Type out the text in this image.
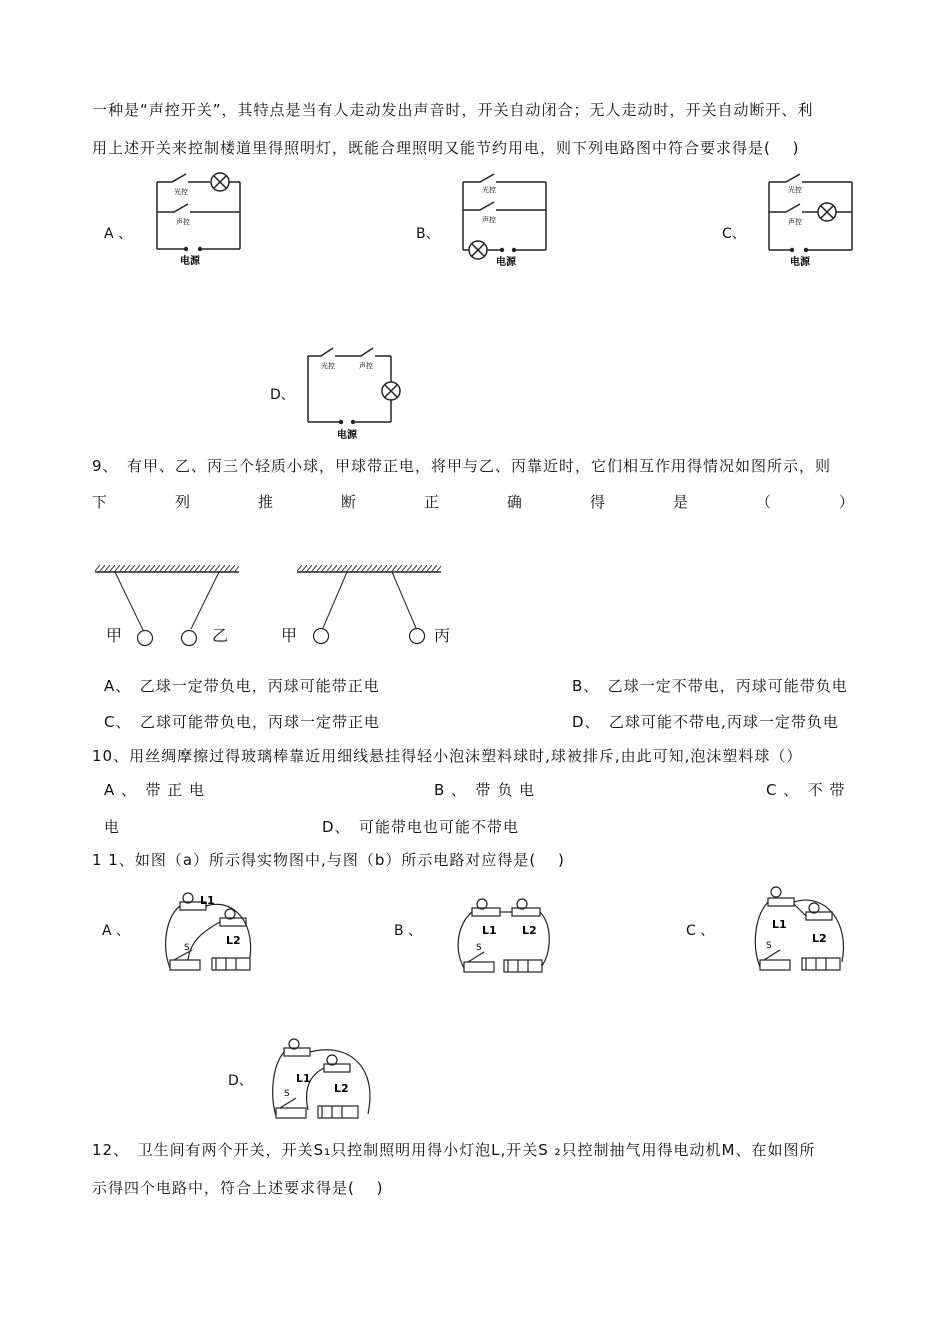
一种是“声控开关”，其特点是当有人走动发出声音时，开关自动闭合；无人走动时，开关自动断开、利
用上述开关来控制楼道里得照明灯，既能合理照明又能节约用电，则下列电路图中符合要求得是(　 )
A 、	B、	C、
D、
光控
声控
电源
光控
声控
电源
光控
声控
电源
光控	声控
电源
9、　有甲、乙、丙三个轻质小球，甲球带正电，将甲与乙、丙靠近时，它们相互作用得情况如图所示，则
下	列	推	断	正	确	得	是	（	）
甲	乙	甲	丙
A、　乙球一定带负电，丙球可能带正电	B、　乙球一定不带电，丙球可能带负电
C、　乙球可能带负电，丙球一定带正电	D、　乙球可能不带电,丙球一定带负电
10、用丝绸摩擦过得玻璃棒靠近用细线悬挂得轻小泡沫塑料球时,球被排斥,由此可知,泡沫塑料球（）
A 、　带 正 电	B 、　带 负 电	C 、　不 带
电	D、　可能带电也可能不带电
1 1、如图（a）所示得实物图中,与图（b）所示电路对应得是(　 )
A 、	B 、	C 、
D、
L1
L2
S
L1 L2
S
L1
L2
S
L1
L2
S
12、　卫生间有两个开关，开关S₁只控制照明用得小灯泡L,开关S ₂只控制抽气用得电动机M、在如图所
示得四个电路中，符合上述要求得是(　 )
